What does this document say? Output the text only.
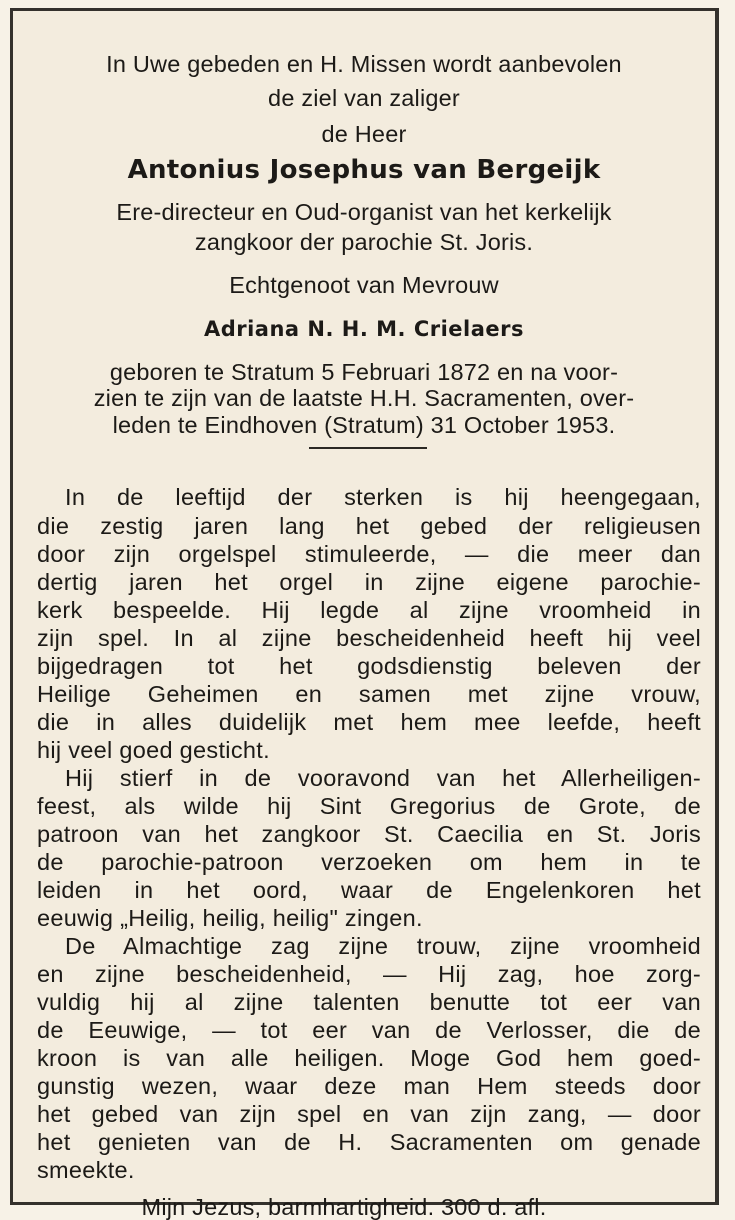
In Uwe gebeden en H. Missen wordt aanbevolen
de ziel van zaliger
de Heer
Antonius Josephus van Bergeijk
Ere-directeur en Oud-organist van het kerkelijk
zangkoor der parochie St. Joris.
Echtgenoot van Mevrouw
Adriana N. H. M. Crielaers
geboren te Stratum 5 Februari 1872 en na voor-
zien te zijn van de laatste H.H. Sacramenten, over-
leden te Eindhoven (Stratum) 31 October 1953.
In de leeftijd der sterken is hij heengegaan,
die zestig jaren lang het gebed der religieusen
door zijn orgelspel stimuleerde, — die meer dan
dertig jaren het orgel in zijne eigene parochie-
kerk bespeelde. Hij legde al zijne vroomheid in
zijn spel. In al zijne bescheidenheid heeft hij veel
bijgedragen tot het godsdienstig beleven der
Heilige Geheimen en samen met zijne vrouw,
die in alles duidelijk met hem mee leefde, heeft
hij veel goed gesticht.
Hij stierf in de vooravond van het Allerheiligen-
feest, als wilde hij Sint Gregorius de Grote, de
patroon van het zangkoor St. Caecilia en St. Joris
de parochie-patroon verzoeken om hem in te
leiden in het oord, waar de Engelenkoren het
eeuwig „Heilig, heilig, heilig" zingen.
De Almachtige zag zijne trouw, zijne vroomheid
en zijne bescheidenheid, — Hij zag, hoe zorg-
vuldig hij al zijne talenten benutte tot eer van
de Eeuwige, — tot eer van de Verlosser, die de
kroon is van alle heiligen. Moge God hem goed-
gunstig wezen, waar deze man Hem steeds door
het gebed van zijn spel en van zijn zang, — door
het genieten van de H. Sacramenten om genade
smeekte.
Mijn Jezus, barmhartigheid. 300 d. afl.
